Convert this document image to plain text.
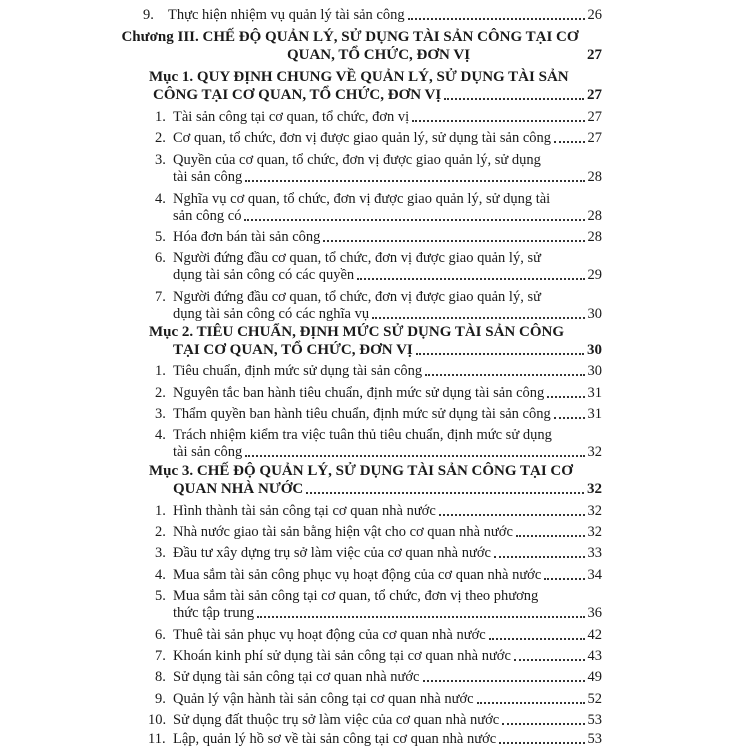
9. Thực hiện nhiệm vụ quản lý tài sản công	26
Chương III. CHẾ ĐỘ QUẢN LÝ, SỬ DỤNG TÀI SẢN CÔNG TẠI CƠ
QUAN, TỔ CHỨC, ĐƠN VỊ	27
Mục 1. QUY ĐỊNH CHUNG VỀ QUẢN LÝ, SỬ DỤNG TÀI SẢN
CÔNG TẠI CƠ QUAN, TỔ CHỨC, ĐƠN VỊ	27
1. Tài sản công tại cơ quan, tổ chức, đơn vị	27
2. Cơ quan, tổ chức, đơn vị được giao quản lý, sử dụng tài sản công	27
3. Quyền của cơ quan, tổ chức, đơn vị được giao quản lý, sử dụng
tài sản công	28
4. Nghĩa vụ cơ quan, tổ chức, đơn vị được giao quản lý, sử dụng tài
sản công có	28
5. Hóa đơn bán tài sản công	28
6. Người đứng đầu cơ quan, tổ chức, đơn vị được giao quản lý, sử
dụng tài sản công có các quyền	29
7. Người đứng đầu cơ quan, tổ chức, đơn vị được giao quản lý, sử
dụng tài sản công có các nghĩa vụ	30
Mục 2. TIÊU CHUẨN, ĐỊNH MỨC SỬ DỤNG TÀI SẢN CÔNG
TẠI CƠ QUAN, TỔ CHỨC, ĐƠN VỊ	30
1. Tiêu chuẩn, định mức sử dụng tài sản công	30
2. Nguyên tắc ban hành tiêu chuẩn, định mức sử dụng tài sản công	31
3. Thẩm quyền ban hành tiêu chuẩn, định mức sử dụng tài sản công	31
4. Trách nhiệm kiểm tra việc tuân thủ tiêu chuẩn, định mức sử dụng
tài sản công	32
Mục 3. CHẾ ĐỘ QUẢN LÝ, SỬ DỤNG TÀI SẢN CÔNG TẠI CƠ
QUAN NHÀ NƯỚC	32
1. Hình thành tài sản công tại cơ quan nhà nước	32
2. Nhà nước giao tài sản bằng hiện vật cho cơ quan nhà nước	32
3. Đầu tư xây dựng trụ sở làm việc của cơ quan nhà nước	33
4. Mua sắm tài sản công phục vụ hoạt động của cơ quan nhà nước	34
5. Mua sắm tài sản công tại cơ quan, tổ chức, đơn vị theo phương
thức tập trung	36
6. Thuê tài sản phục vụ hoạt động của cơ quan nhà nước	42
7. Khoán kinh phí sử dụng tài sản công tại cơ quan nhà nước	43
8. Sử dụng tài sản công tại cơ quan nhà nước	49
9. Quản lý vận hành tài sản công tại cơ quan nhà nước	52
10. Sử dụng đất thuộc trụ sở làm việc của cơ quan nhà nước	53
11. Lập, quản lý hồ sơ về tài sản công tại cơ quan nhà nước	53
